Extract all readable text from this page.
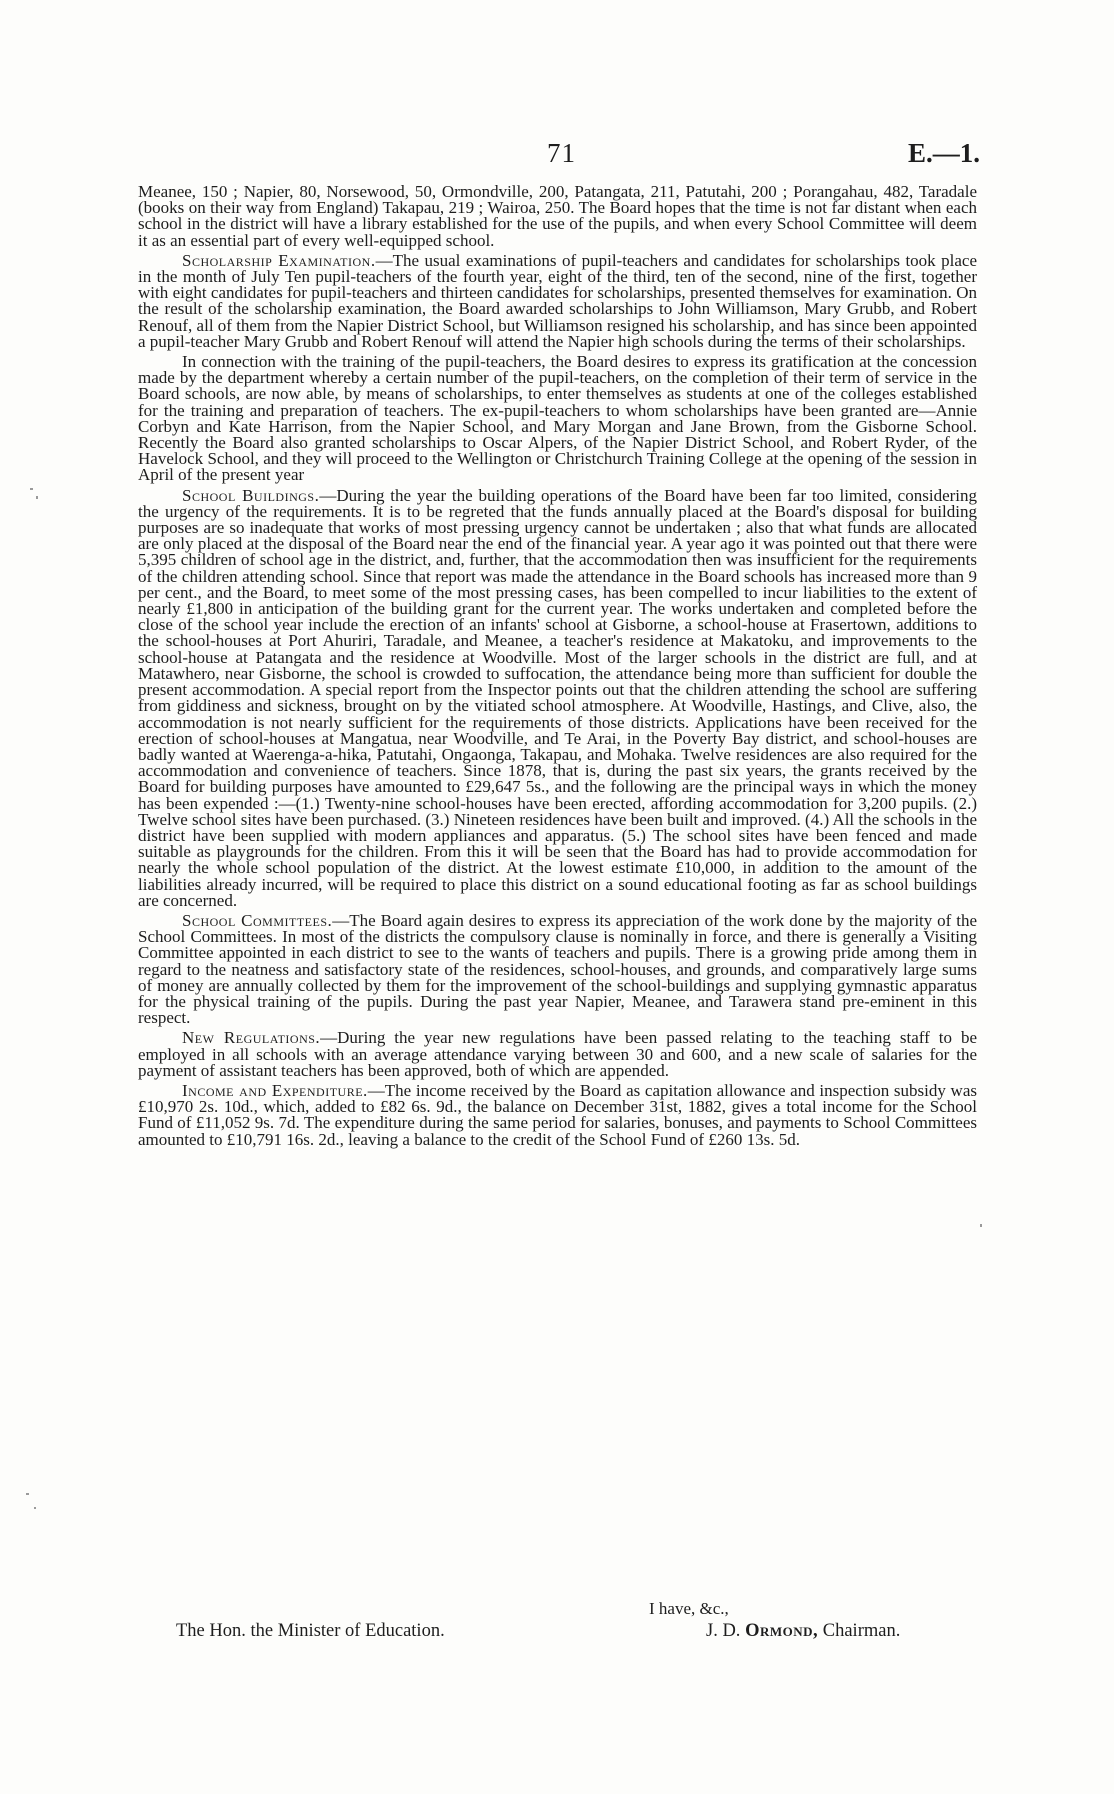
71	E.—1.

Meanee, 150 ; Napier, 80, Norsewood, 50, Ormondville, 200, Patangata, 211, Patutahi, 200 ; Porangahau, 482, Taradale (books on their way from England) Takapau, 219 ; Wairoa, 250. The Board hopes that the time is not far distant when each school in the district will have a library established for the use of the pupils, and when every School Committee will deem it as an essential part of every well-equipped school.

Scholarship Examination.—The usual examinations of pupil-teachers and candidates for scholarships took place in the month of July Ten pupil-teachers of the fourth year, eight of the third, ten of the second, nine of the first, together with eight candidates for pupil-teachers and thirteen candidates for scholarships, presented themselves for examination. On the result of the scholarship examination, the Board awarded scholarships to John Williamson, Mary Grubb, and Robert Renouf, all of them from the Napier District School, but Williamson resigned his scholarship, and has since been appointed a pupil-teacher Mary Grubb and Robert Renouf will attend the Napier high schools during the terms of their scholarships.

In connection with the training of the pupil-teachers, the Board desires to express its gratification at the concession made by the department whereby a certain number of the pupil-teachers, on the completion of their term of service in the Board schools, are now able, by means of scholarships, to enter themselves as students at one of the colleges established for the training and preparation of teachers. The ex-pupil-teachers to whom scholarships have been granted are—Annie Corbyn and Kate Harrison, from the Napier School, and Mary Morgan and Jane Brown, from the Gisborne School. Recently the Board also granted scholarships to Oscar Alpers, of the Napier District School, and Robert Ryder, of the Havelock School, and they will proceed to the Wellington or Christchurch Training College at the opening of the session in April of the present year

School Buildings.—During the year the building operations of the Board have been far too limited, considering the urgency of the requirements. It is to be regreted that the funds annually placed at the Board's disposal for building purposes are so inadequate that works of most pressing urgency cannot be undertaken ; also that what funds are allocated are only placed at the disposal of the Board near the end of the financial year. A year ago it was pointed out that there were 5,395 children of school age in the district, and, further, that the accommodation then was insufficient for the requirements of the children attending school. Since that report was made the attendance in the Board schools has increased more than 9 per cent., and the Board, to meet some of the most pressing cases, has been compelled to incur liabilities to the extent of nearly £1,800 in anticipation of the building grant for the current year. The works undertaken and completed before the close of the school year include the erection of an infants' school at Gisborne, a school-house at Frasertown, additions to the school-houses at Port Ahuriri, Taradale, and Meanee, a teacher's residence at Makatoku, and improvements to the school-house at Patangata and the residence at Woodville. Most of the larger schools in the district are full, and at Matawhero, near Gisborne, the school is crowded to suffocation, the attendance being more than sufficient for double the present accommodation. A special report from the Inspector points out that the children attending the school are suffering from giddiness and sickness, brought on by the vitiated school atmosphere. At Woodville, Hastings, and Clive, also, the accommodation is not nearly sufficient for the requirements of those districts. Applications have been received for the erection of school-houses at Mangatua, near Woodville, and Te Arai, in the Poverty Bay district, and school-houses are badly wanted at Waerenga-a-hika, Patutahi, Ongaonga, Takapau, and Mohaka. Twelve residences are also required for the accommodation and convenience of teachers. Since 1878, that is, during the past six years, the grants received by the Board for building purposes have amounted to £29,647 5s., and the following are the principal ways in which the money has been expended :—(1.) Twenty-nine school-houses have been erected, affording accommodation for 3,200 pupils. (2.) Twelve school sites have been purchased. (3.) Nineteen residences have been built and improved. (4.) All the schools in the district have been supplied with modern appliances and apparatus. (5.) The school sites have been fenced and made suitable as playgrounds for the children. From this it will be seen that the Board has had to provide accommodation for nearly the whole school population of the district. At the lowest estimate £10,000, in addition to the amount of the liabilities already incurred, will be required to place this district on a sound educational footing as far as school buildings are concerned.

School Committees.—The Board again desires to express its appreciation of the work done by the majority of the School Committees. In most of the districts the compulsory clause is nominally in force, and there is generally a Visiting Committee appointed in each district to see to the wants of teachers and pupils. There is a growing pride among them in regard to the neatness and satisfactory state of the residences, school-houses, and grounds, and comparatively large sums of money are annually collected by them for the improvement of the school-buildings and supplying gymnastic apparatus for the physical training of the pupils. During the past year Napier, Meanee, and Tarawera stand pre-eminent in this respect.

New Regulations.—During the year new regulations have been passed relating to the teaching staff to be employed in all schools with an average attendance varying between 30 and 600, and a new scale of salaries for the payment of assistant teachers has been approved, both of which are appended.

Income and Expenditure.—The income received by the Board as capitation allowance and inspection subsidy was £10,970 2s. 10d., which, added to £82 6s. 9d., the balance on December 31st, 1882, gives a total income for the School Fund of £11,052 9s. 7d. The expenditure during the same period for salaries, bonuses, and payments to School Committees amounted to £10,791 16s. 2d., leaving a balance to the credit of the School Fund of £260 13s. 5d.

I have, &c.,
The Hon. the Minister of Education.	J. D. Ormond, Chairman.
